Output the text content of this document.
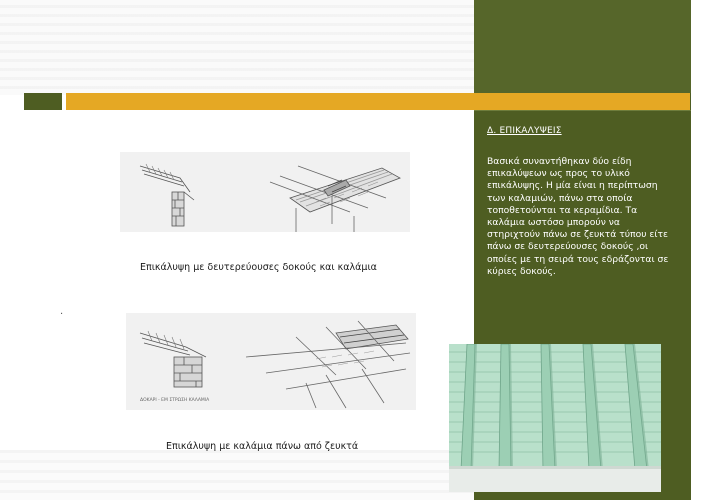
Δ. ΕΠΙΚΑΛΥΨΕΙΣ
Βασικά συναντήθηκαν δύο είδη επικαλύψεων ως προς το υλικό επικάλυψης. Η μία είναι η περίπτωση των καλαμιών, πάνω στα οποία τοποθετούνται τα κεραμίδια. Τα καλάμια ωστόσο μπορούν να στηριχτούν πάνω σε ζευκτά τύπου είτε πάνω σε δευτερεύουσες δοκούς ,οι οποίες με τη σειρά τους εδράζονται σε κύριες δοκούς.
Επικάλυψη με δευτερεύουσες δοκούς και καλάμια
.
ΔΟΚΑΡΙ - ΕΜ ΣΤΡΩΣΗ ΚΑΛΑΜΙΑ
Επικάλυψη με καλάμια πάνω από ζευκτά
